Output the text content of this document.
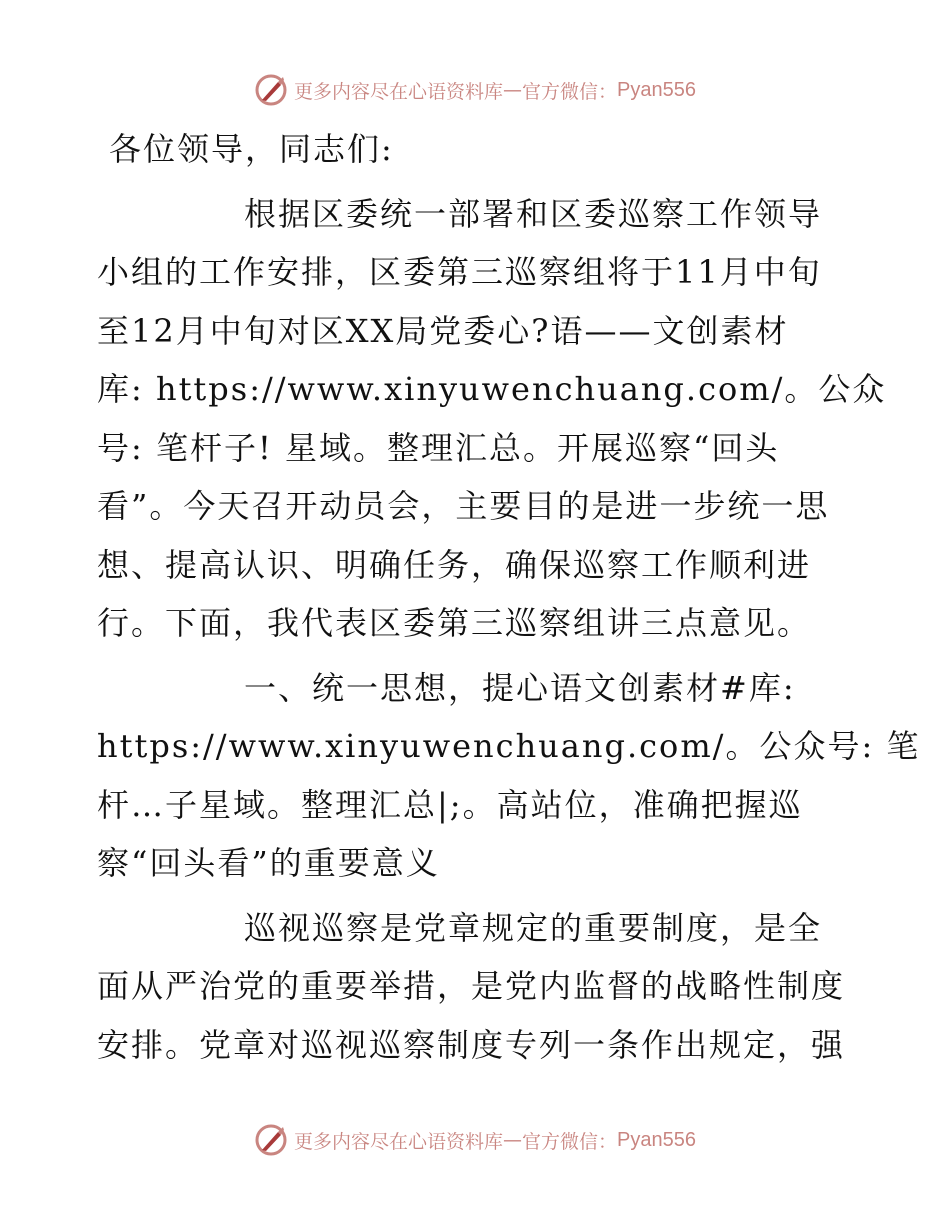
更多内容尽在心语资料库 — 官方微信： Pyan556
各位领导，同志们:
根据区委统一部署和区委巡察工作领导
小组的工作安排，区委第三巡察组将于11月中旬
至12月中旬对区XX局党委心?语——文创素材
库: https://www.xinyuwenchuang.com/。公众
号: 笔杆子! 星域。整理汇总。开展巡察“回头
看”。今天召开动员会，主要目的是进一步统一思
想、提高认识、明确任务，确保巡察工作顺利进
行。下面，我代表区委第三巡察组讲三点意见。
一、统一思想，提心语文创素材#库:
https://www.xinyuwenchuang.com/。公众号: 笔
杆…子星域。整理汇总|;。高站位，准确把握巡
察“回头看”的重要意义
巡视巡察是党章规定的重要制度，是全
面从严治党的重要举措，是党内监督的战略性制度
安排。党章对巡视巡察制度专列一条作出规定，强
更多内容尽在心语资料库 — 官方微信： Pyan556
